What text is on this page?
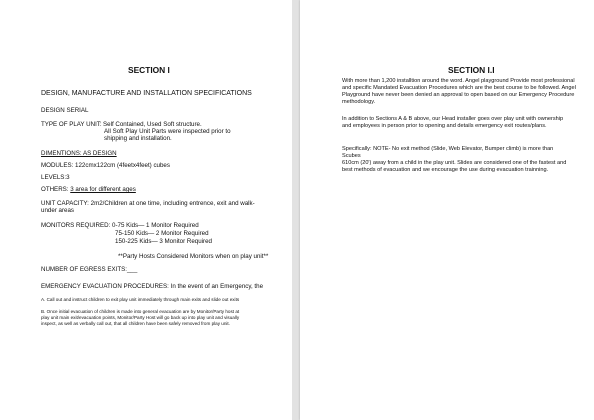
SECTION I
DESIGN, MANUFACTURE AND INSTALLATION SPECIFICATIONS
DESIGN SERIAL
TYPE OF PLAY UNIT: Self Contained, Used Soft structure.
All Soft Play Unit Parts were inspected prior to
shipping and installation.
DIMENTIONS: AS DESIGN
MODULES: 122cmx122cm (4feetx4feet) cubes
LEVELS:3
OTHERS: 3 area for different ages
UNIT CAPACITY: 2m2/Children at one time, including entrence, exit and walk-
under areas
MONITORS REQUIRED: 0-75 Kids— 1 Monitor Required
75-150 Kids— 2 Monitor Required
150-225 Kids— 3 Monitor Required
**Party Hosts Considered Monitors when on play unit**
NUMBER OF EGRESS EXITS:___
EMERGENCY EVACUATION PROCEDURES: In the event of an Emergency, the
A. Call out and instruct children to exit play unit immediately through main exits and slide out exits
B. Once initial evacuation of children is made into general evacuation are by Monitor/Party host at
play unit main exit/evacuation points, Monitor/Party Host will go back up into play unit and visually
inspect, as well as verbally call out, that all children have been safely removed from play unit.
SECTION I.I
With more than 1,200 installtion around the word. Angel playground Provide most professional and specific Mandated Evacuation Procedures which are the best course to be followed. Angel Playground have never been denied an approval to open based on our Emergency Procedure methodology.
In addition to Sections A & B above, our Head installer goes over play unit with ownership and employees in person prior to opening and details emergency exit routes/plans.
Specifically: NOTE- No exit method (Slide, Web Elevator, Bumper climb) is more than
Scubes
610cm (20') away from a child in the play unit. Slides are considered one of the fastest and best methods of evacuation and we encourage the use during evacuation trainning.
